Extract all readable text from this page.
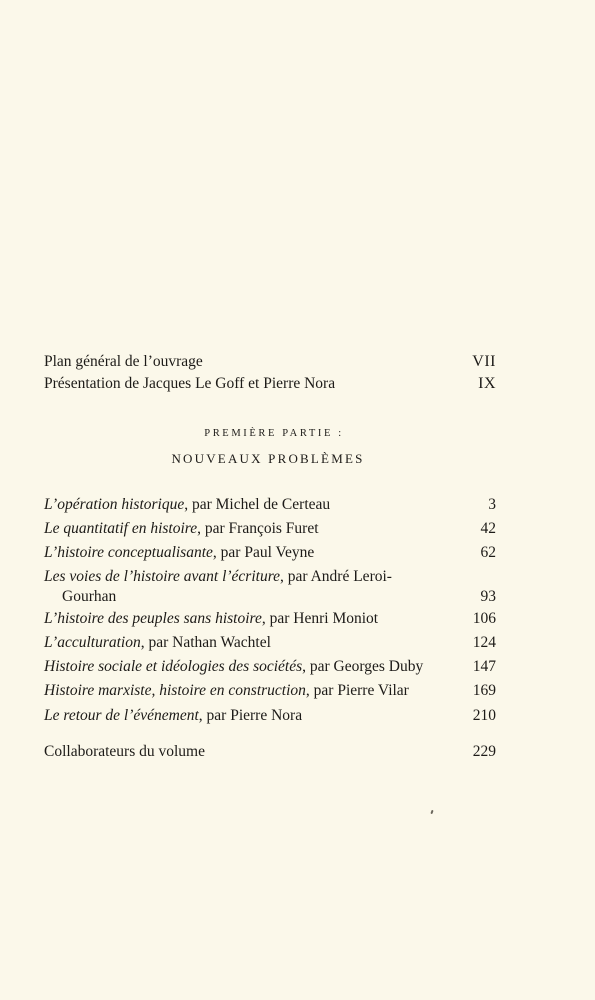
Plan général de l’ouvrage	VII
Présentation de Jacques Le Goff et Pierre Nora	IX
PREMIÈRE PARTIE :
NOUVEAUX PROBLÈMES
L’opération historique, par Michel de Certeau	3
Le quantitatif en histoire, par François Furet	42
L’histoire conceptualisante, par Paul Veyne	62
Les voies de l’histoire avant l’écriture, par André Leroi-
Gourhan	93
L’histoire des peuples sans histoire, par Henri Moniot	106
L’acculturation, par Nathan Wachtel	124
Histoire sociale et idéologies des sociétés, par Georges Duby	147
Histoire marxiste, histoire en construction, par Pierre Vilar	169
Le retour de l’événement, par Pierre Nora	210
Collaborateurs du volume	229
